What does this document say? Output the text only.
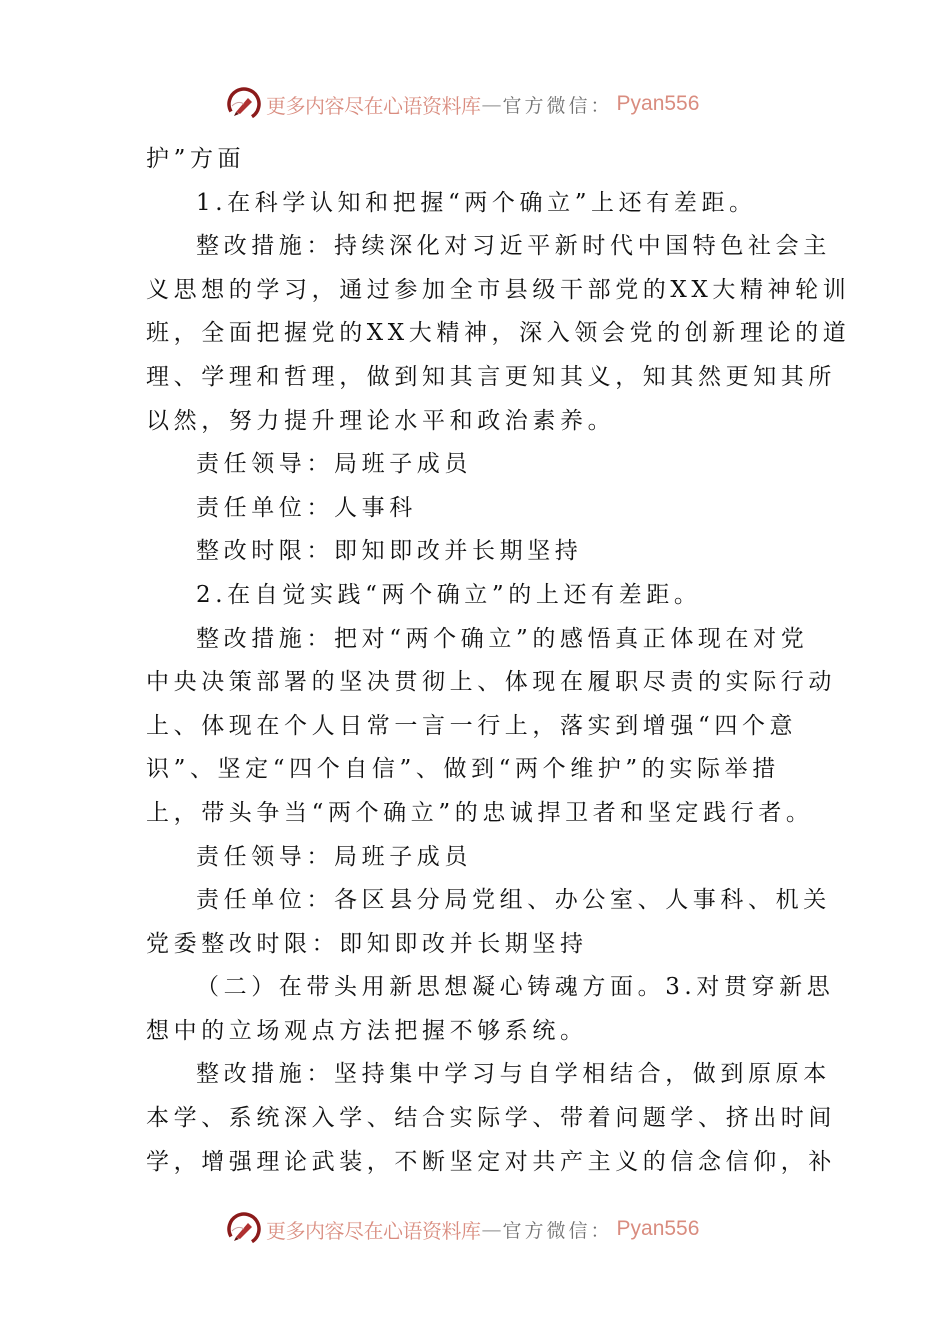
更多内容尽在心语资料库 — 官方微信： Pyan556
护”方面
1.在科学认知和把握“两个确立”上还有差距。
整改措施：持续深化对习近平新时代中国特色社会主
义思想的学习，通过参加全市县级干部党的XX大精神轮训
班，全面把握党的XX大精神，深入领会党的创新理论的道
理、学理和哲理，做到知其言更知其义，知其然更知其所
以然，努力提升理论水平和政治素养。
责任领导：局班子成员
责任单位：人事科
整改时限：即知即改并长期坚持
2.在自觉实践“两个确立”的上还有差距。
整改措施：把对“两个确立”的感悟真正体现在对党
中央决策部署的坚决贯彻上、体现在履职尽责的实际行动
上、体现在个人日常一言一行上，落实到增强“四个意
识”、坚定“四个自信”、做到“两个维护”的实际举措
上，带头争当“两个确立”的忠诚捍卫者和坚定践行者。
责任领导：局班子成员
责任单位：各区县分局党组、办公室、人事科、机关
党委整改时限：即知即改并长期坚持
（二）在带头用新思想凝心铸魂方面。3.对贯穿新思
想中的立场观点方法把握不够系统。
整改措施：坚持集中学习与自学相结合，做到原原本
本学、系统深入学、结合实际学、带着问题学、挤出时间
学，增强理论武装，不断坚定对共产主义的信念信仰，补
更多内容尽在心语资料库 — 官方微信： Pyan556
